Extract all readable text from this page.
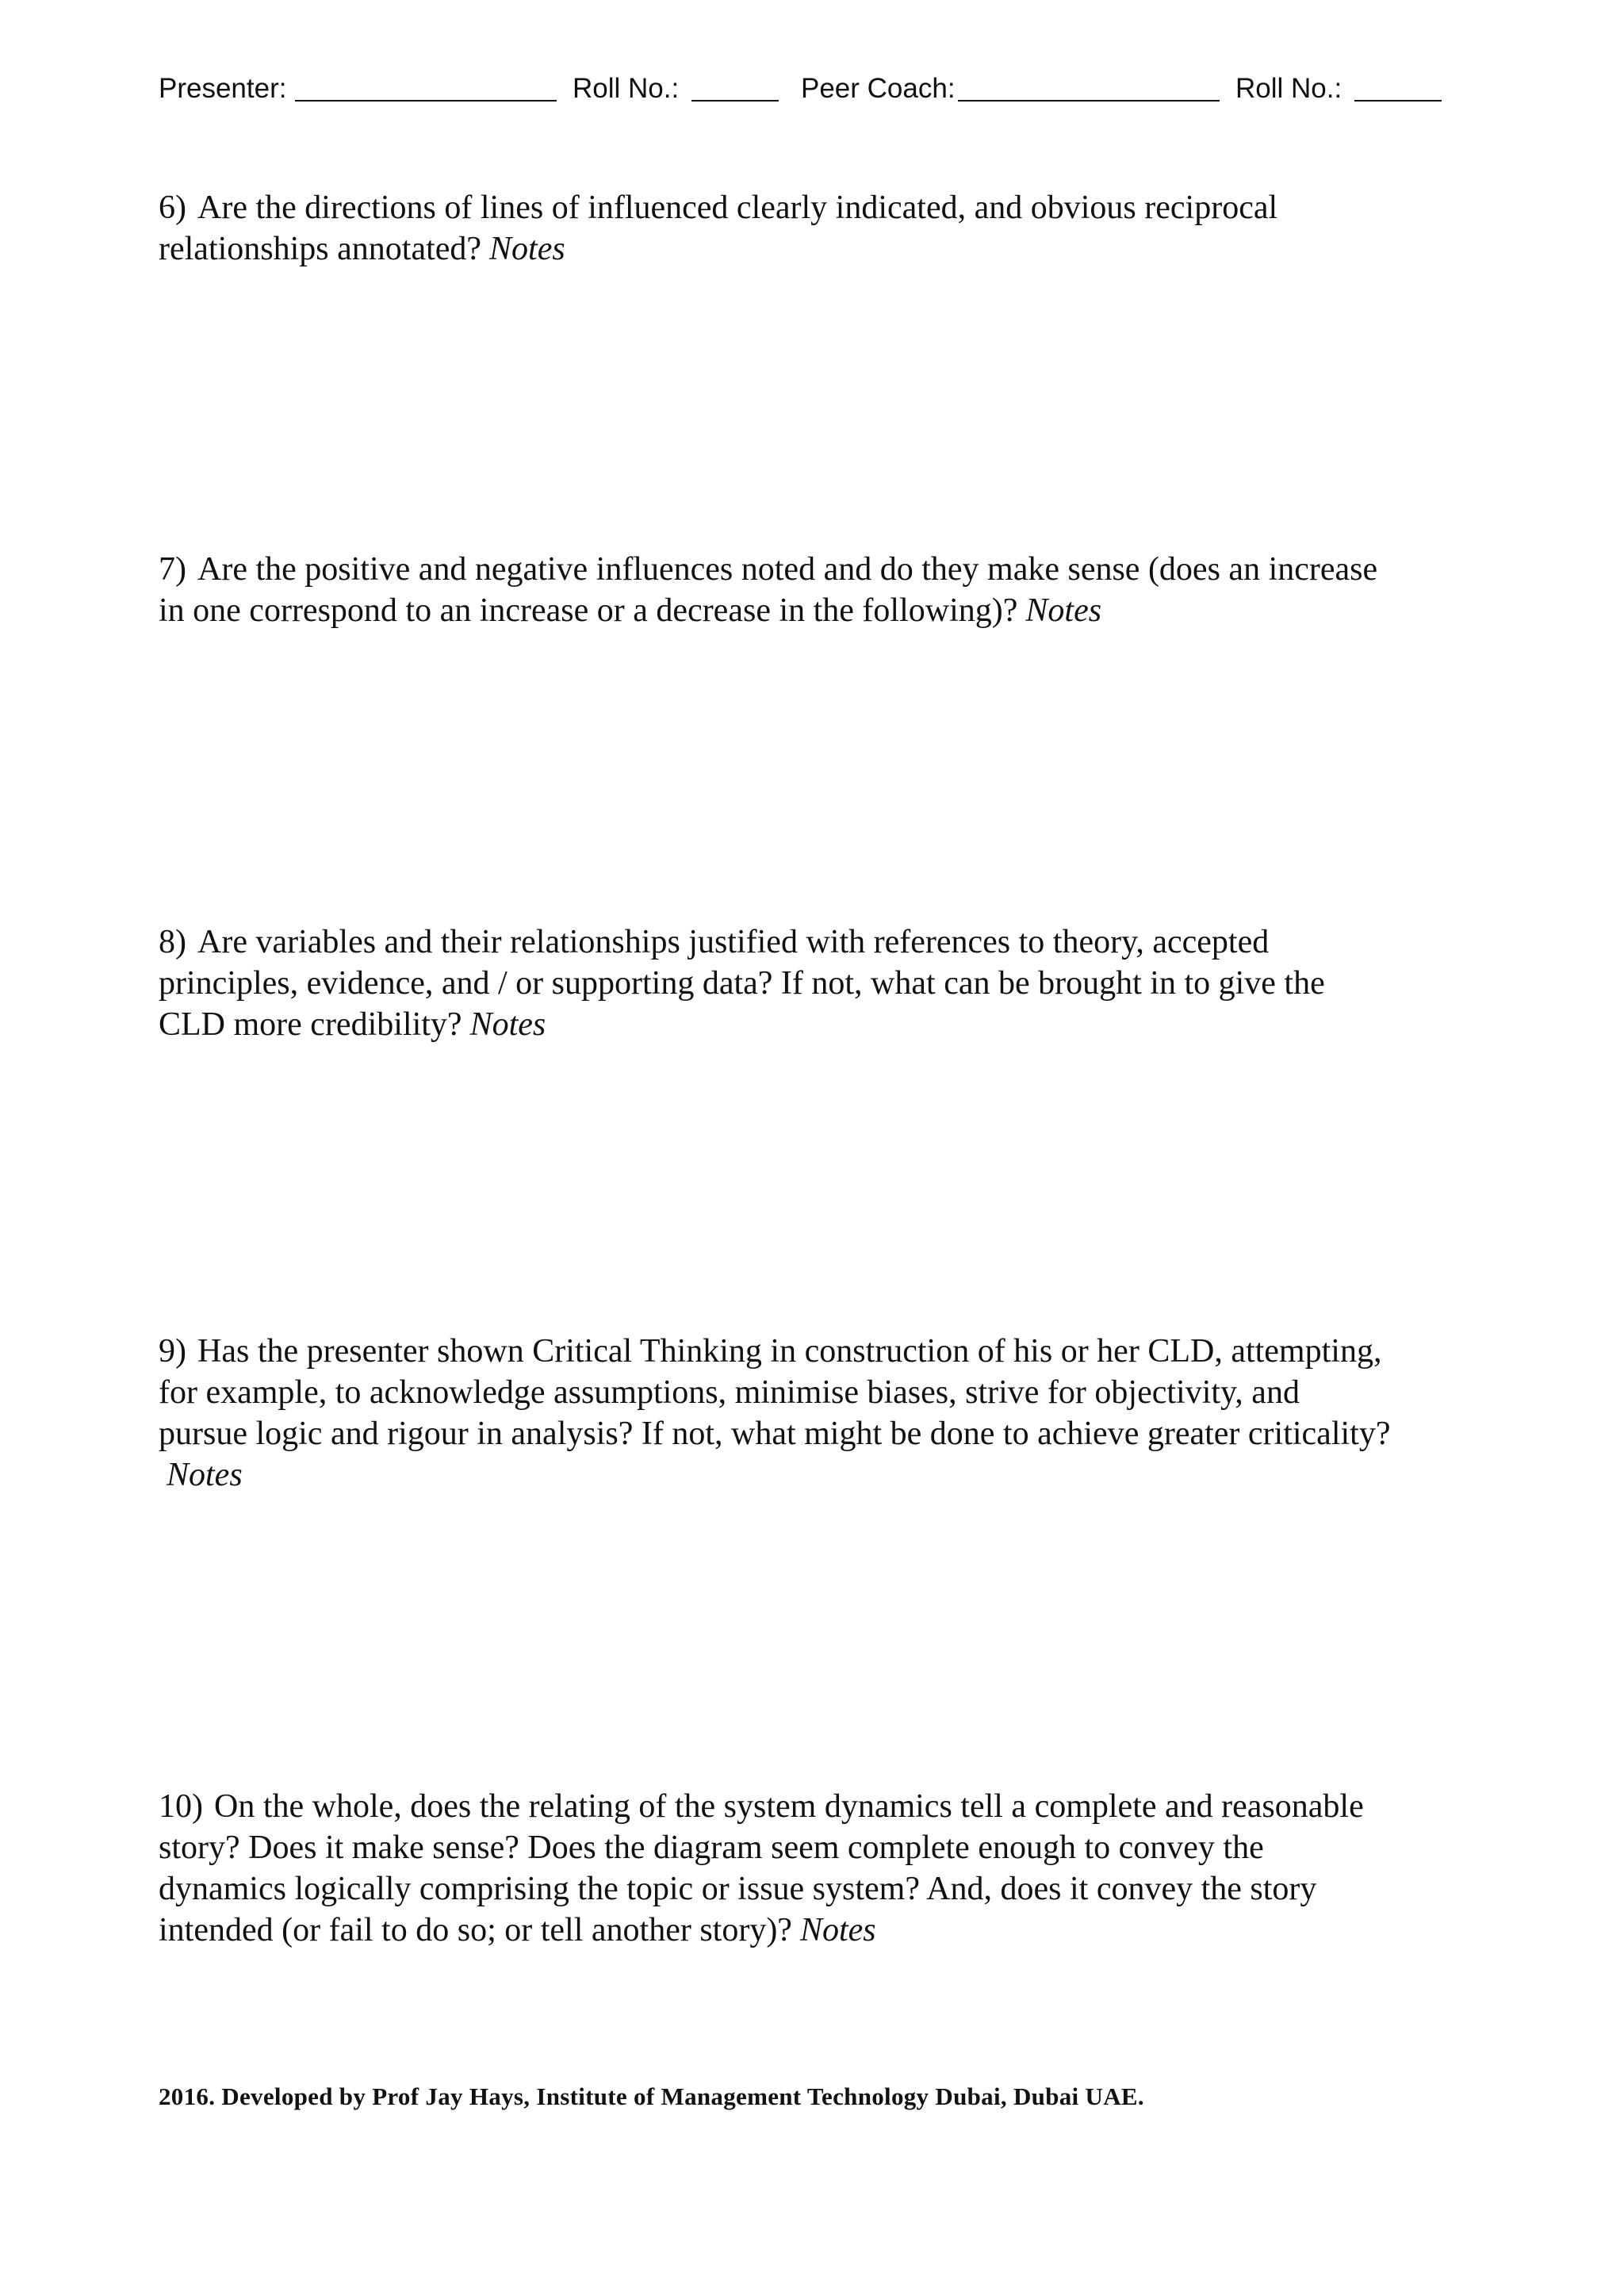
Presenter:	Roll No.:	Peer Coach:	Roll No.:

6) Are the directions of lines of influenced clearly indicated, and obvious reciprocal relationships annotated? Notes

7) Are the positive and negative influences noted and do they make sense (does an increase in one correspond to an increase or a decrease in the following)? Notes

8) Are variables and their relationships justified with references to theory, accepted principles, evidence, and / or supporting data? If not, what can be brought in to give the CLD more credibility? Notes

9) Has the presenter shown Critical Thinking in construction of his or her CLD, attempting, for example, to acknowledge assumptions, minimise biases, strive for objectivity, and pursue logic and rigour in analysis? If not, what might be done to achieve greater criticality?Notes

10) On the whole, does the relating of the system dynamics tell a complete and reasonable story? Does it make sense? Does the diagram seem complete enough to convey the dynamics logically comprising the topic or issue system? And, does it convey the story intended (or fail to do so; or tell another story)? Notes

2016. Developed by Prof Jay Hays, Institute of Management Technology Dubai, Dubai UAE.
